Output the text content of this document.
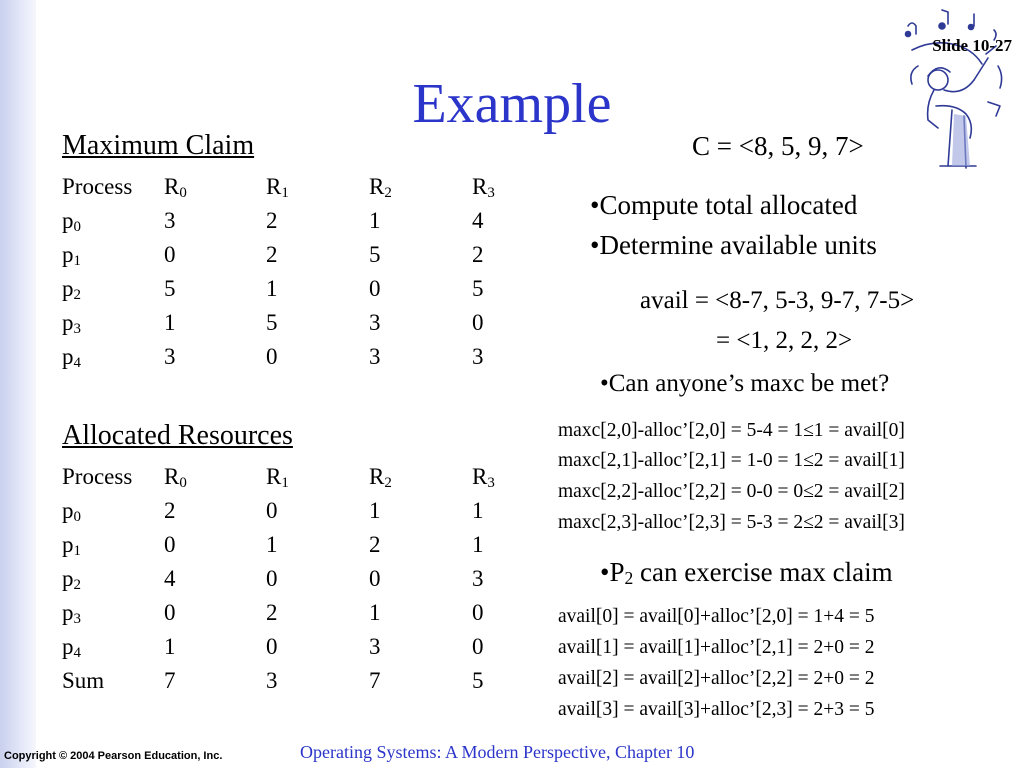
Slide 10-27
Example
Maximum Claim
Process	$R_0$	$R_1$	$R_2$	$R_3$
$p_0$	3	2	1	4
$p_1$	0	2	5	2
$p_2$	5	1	0	5
$p_3$	1	5	3	0
$p_4$	3	0	3	3
Allocated Resources
Process	$R_0$	$R_1$	$R_2$	$R_3$
$p_0$	2	0	1	1
$p_1$	0	1	2	1
$p_2$	4	0	0	3
$p_3$	0	2	1	0
$p_4$	1	0	3	0
Sum	7	3	7	5
C = <8, 5, 9, 7>
•Compute total allocated
•Determine available units
avail = <8-7, 5-3, 9-7, 7-5>
= <1, 2, 2, 2>
•Can anyone’s maxc be met?
maxc[2,0]-alloc’[2,0] = 5-4 = 1≤1 = avail[0]
maxc[2,1]-alloc’[2,1] = 1-0 = 1≤2 = avail[1]
maxc[2,2]-alloc’[2,2] = 0-0 = 0≤2 = avail[2]
maxc[2,3]-alloc’[2,3] = 5-3 = 2≤2 = avail[3]
$•P_2$ can exercise max claim
avail[0] = avail[0]+alloc’[2,0] = 1+4 = 5
avail[1] = avail[1]+alloc’[2,1] = 2+0 = 2
avail[2] = avail[2]+alloc’[2,2] = 2+0 = 2
avail[3] = avail[3]+alloc’[2,3] = 2+3 = 5
Copyright © 2004 Pearson Education, Inc.	Operating Systems: A Modern Perspective, Chapter 10
